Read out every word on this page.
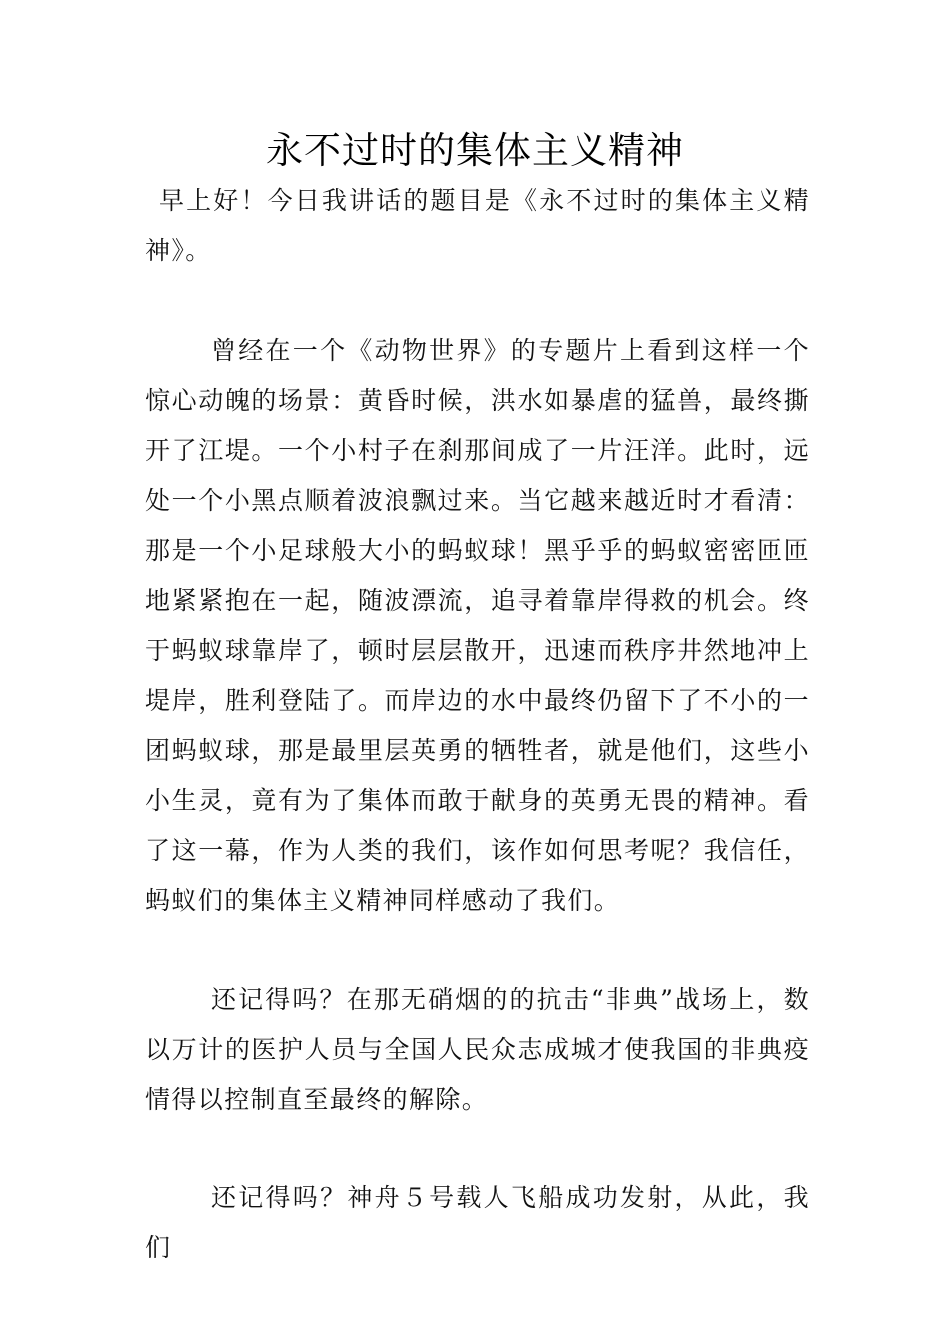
永不过时的集体主义精神

早上好！今日我讲话的题目是《永不过时的集体主义精神》。

曾经在一个《动物世界》的专题片上看到这样一个惊心动魄的场景：黄昏时候，洪水如暴虐的猛兽，最终撕开了江堤。一个小村子在刹那间成了一片汪洋。此时，远处一个小黑点顺着波浪飘过来。当它越来越近时才看清：那是一个小足球般大小的蚂蚁球！黑乎乎的蚂蚁密密匝匝地紧紧抱在一起，随波漂流，追寻着靠岸得救的机会。终于蚂蚁球靠岸了，顿时层层散开，迅速而秩序井然地冲上堤岸，胜利登陆了。而岸边的水中最终仍留下了不小的一团蚂蚁球，那是最里层英勇的牺牲者，就是他们，这些小小生灵，竟有为了集体而敢于献身的英勇无畏的精神。看了这一幕，作为人类的我们，该作如何思考呢？我信任，蚂蚁们的集体主义精神同样感动了我们。

还记得吗？在那无硝烟的的抗击“非典”战场上，数以万计的医护人员与全国人民众志成城才使我国的非典疫情得以控制直至最终的解除。

还记得吗？神舟５号载人飞船成功发射，从此，我们
